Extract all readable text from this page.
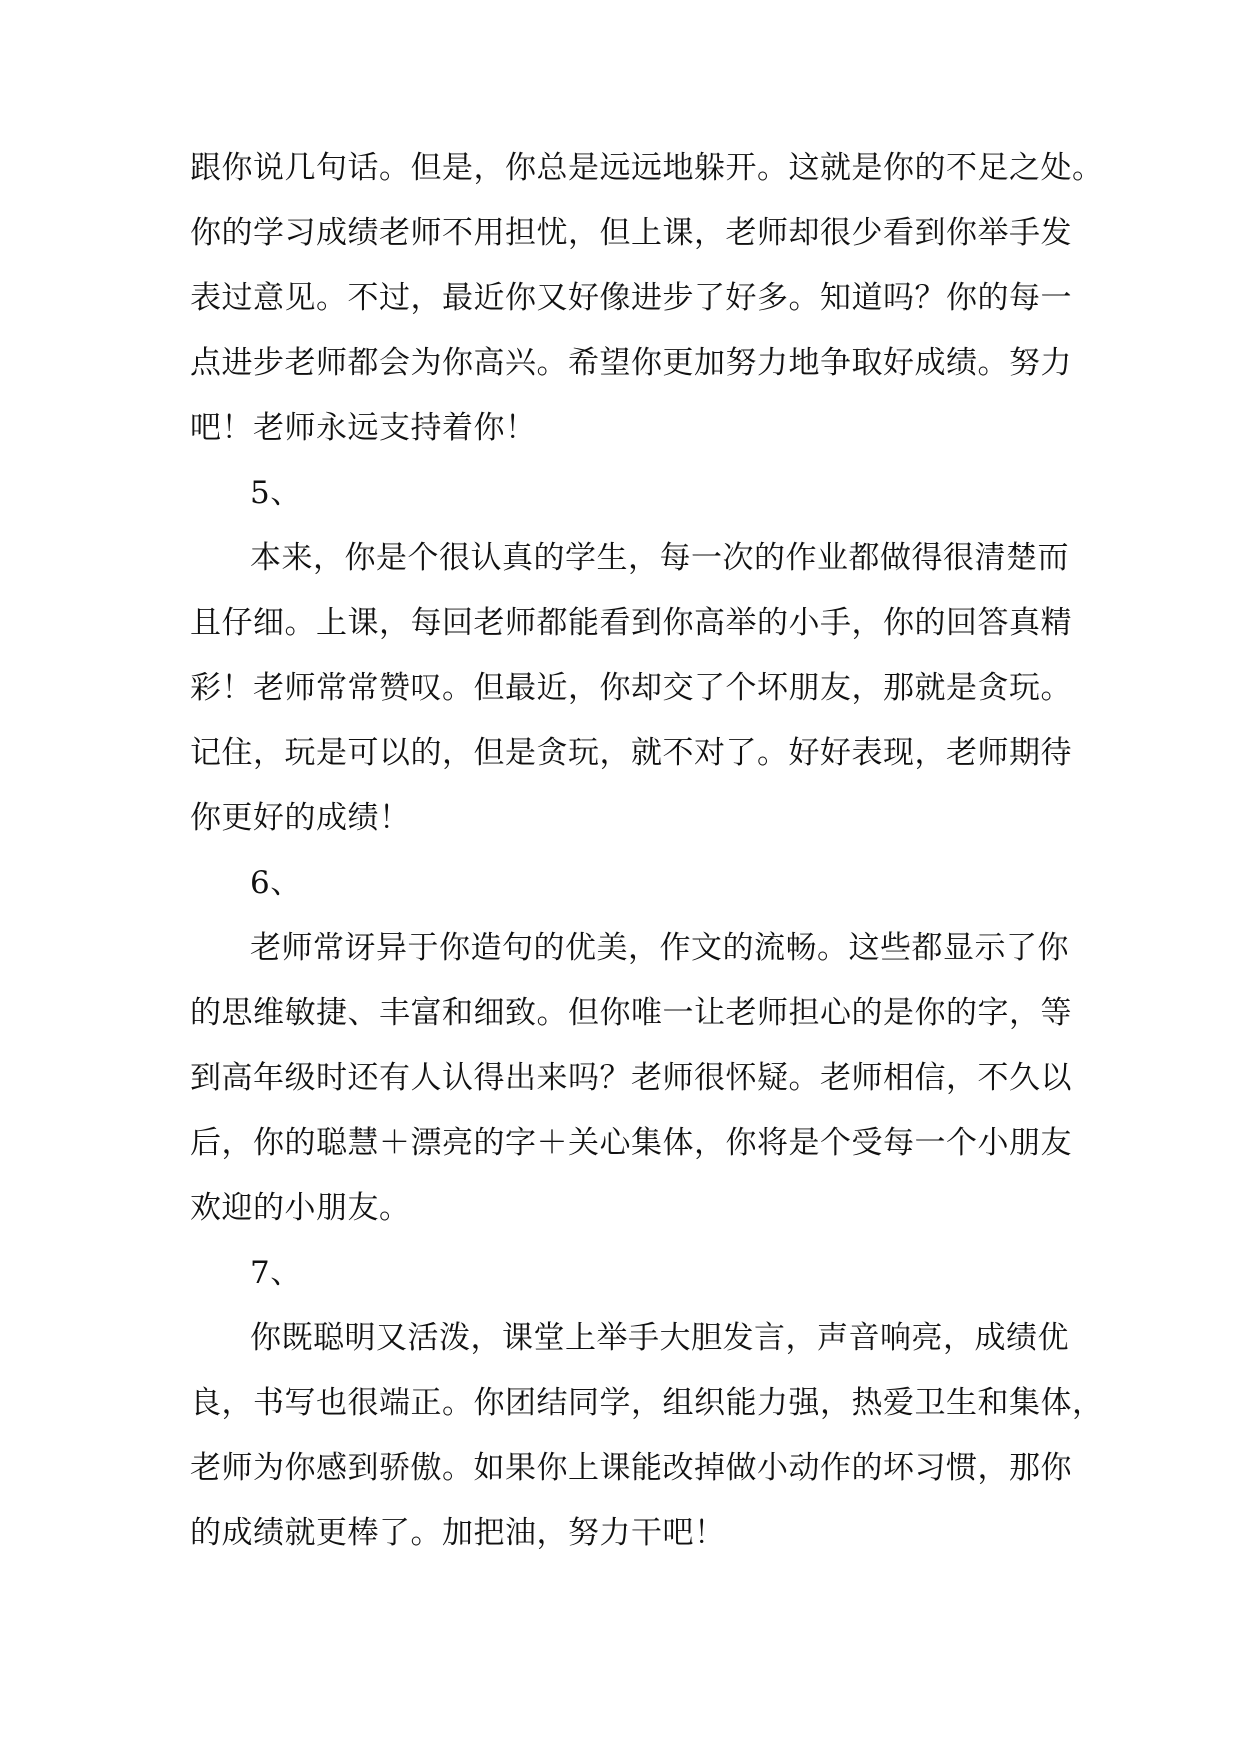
跟你说几句话。但是，你总是远远地躲开。这就是你的不足之处。
你的学习成绩老师不用担忧，但上课，老师却很少看到你举手发
表过意见。不过，最近你又好像进步了好多。知道吗？你的每一
点进步老师都会为你高兴。希望你更加努力地争取好成绩。努力
吧！老师永远支持着你！
5、
本来，你是个很认真的学生，每一次的作业都做得很清楚而
且仔细。上课，每回老师都能看到你高举的小手，你的回答真精
彩！老师常常赞叹。但最近，你却交了个坏朋友，那就是贪玩。
记住，玩是可以的，但是贪玩，就不对了。好好表现，老师期待
你更好的成绩！
6、
老师常讶异于你造句的优美，作文的流畅。这些都显示了你
的思维敏捷、丰富和细致。但你唯一让老师担心的是你的字，等
到高年级时还有人认得出来吗？老师很怀疑。老师相信，不久以
后，你的聪慧＋漂亮的字＋关心集体，你将是个受每一个小朋友
欢迎的小朋友。
7、
你既聪明又活泼，课堂上举手大胆发言，声音响亮，成绩优
良，书写也很端正。你团结同学，组织能力强，热爱卫生和集体，
老师为你感到骄傲。如果你上课能改掉做小动作的坏习惯，那你
的成绩就更棒了。加把油，努力干吧！
